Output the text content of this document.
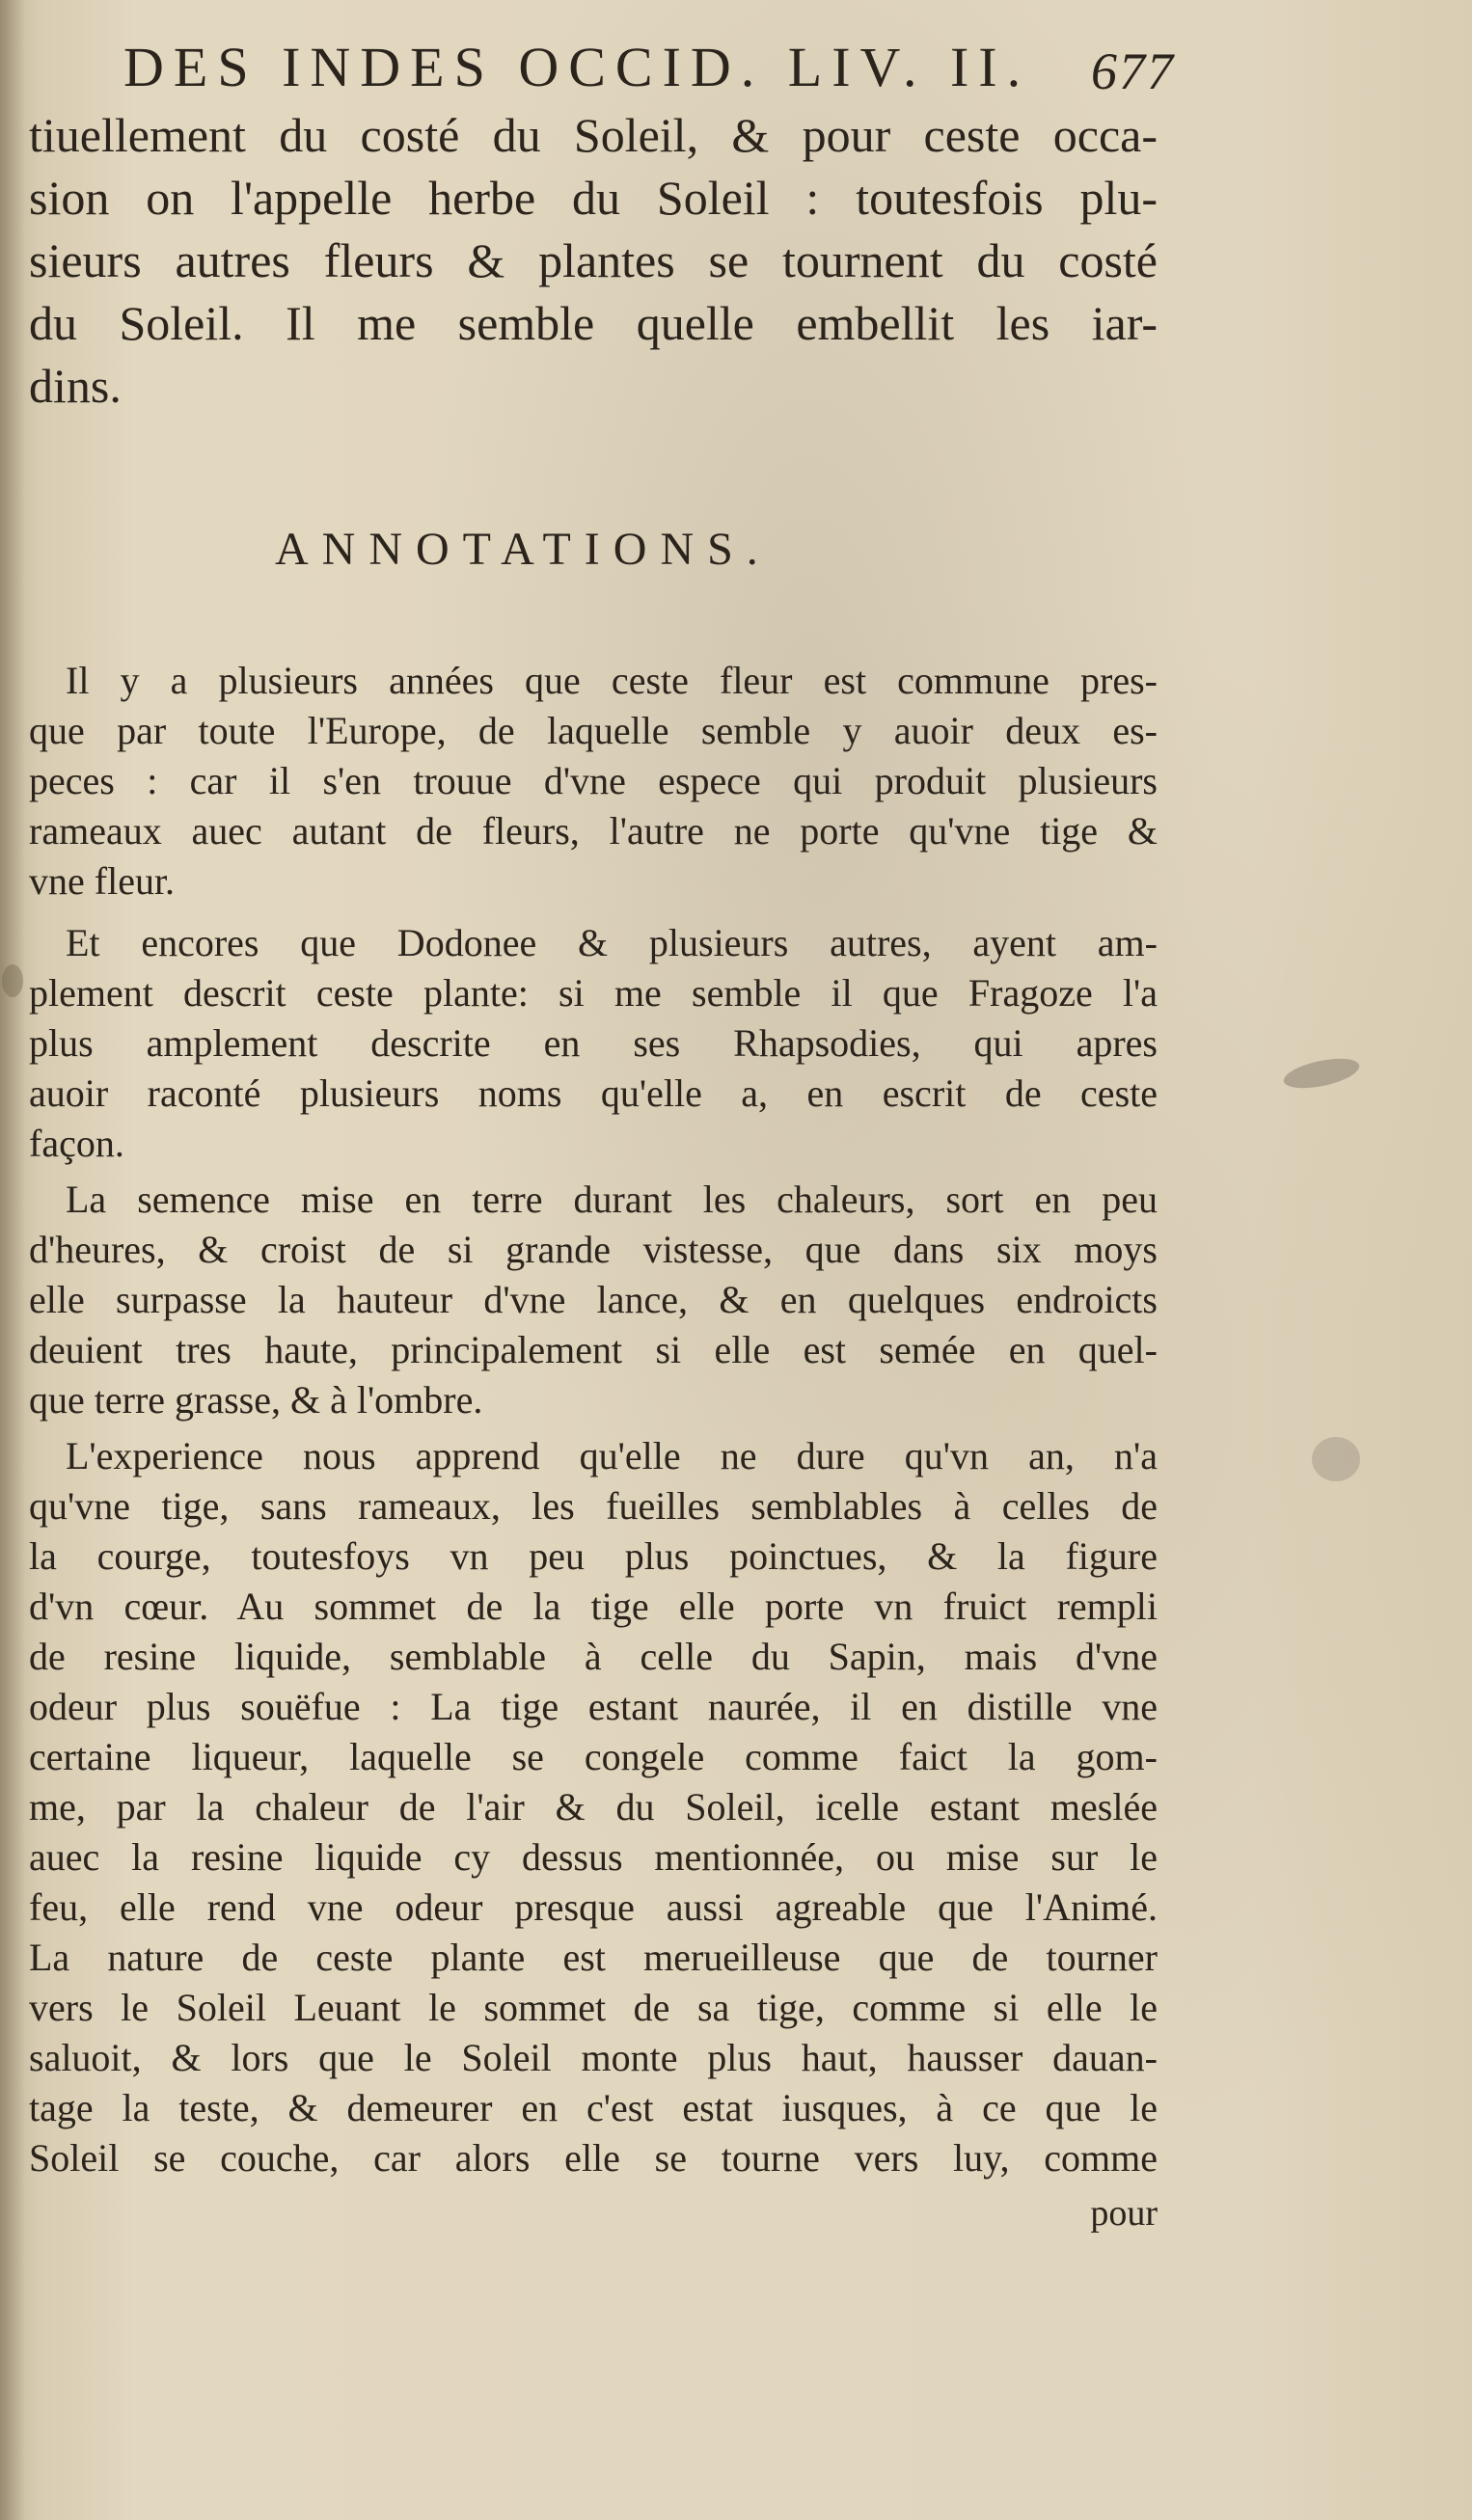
DES INDES OCCID. LIV. II. 677
tiuellement du costé du Soleil, & pour ceste occa-
sion on l'appelle herbe du Soleil : toutesfois plu-
sieurs autres fleurs & plantes se tournent du costé
du Soleil. Il me semble quelle embellit les iar-
dins.
ANNOTATIONS.
Il y a plusieurs années que ceste fleur est commune pres-
que par toute l'Europe, de laquelle semble y auoir deux es-
peces : car il s'en trouue d'vne espece qui produit plusieurs
rameaux auec autant de fleurs, l'autre ne porte qu'vne tige &
vne fleur.
Et encores que Dodonee & plusieurs autres, ayent am-
plement descrit ceste plante: si me semble il que Fragoze l'a
plus amplement descrite en ses Rhapsodies, qui apres
auoir raconté plusieurs noms qu'elle a, en escrit de ceste
façon.
La semence mise en terre durant les chaleurs, sort en peu
d'heures, & croist de si grande vistesse, que dans six moys
elle surpasse la hauteur d'vne lance, & en quelques endroicts
deuient tres haute, principalement si elle est semée en quel-
que terre grasse, & à l'ombre.
L'experience nous apprend qu'elle ne dure qu'vn an, n'a
qu'vne tige, sans rameaux, les fueilles semblables à celles de
la courge, toutesfoys vn peu plus poinctues, & la figure
d'vn cœur. Au sommet de la tige elle porte vn fruict rempli
de resine liquide, semblable à celle du Sapin, mais d'vne
odeur plus souëfue : La tige estant naurée, il en distille vne
certaine liqueur, laquelle se congele comme faict la gom-
me, par la chaleur de l'air & du Soleil, icelle estant meslée
auec la resine liquide cy dessus mentionnée, ou mise sur le
feu, elle rend vne odeur presque aussi agreable que l'Animé.
La nature de ceste plante est merueilleuse que de tourner
vers le Soleil Leuant le sommet de sa tige, comme si elle le
saluoit, & lors que le Soleil monte plus haut, hausser dauan-
tage la teste, & demeurer en c'est estat iusques, à ce que le
Soleil se couche, car alors elle se tourne vers luy, comme
pour
